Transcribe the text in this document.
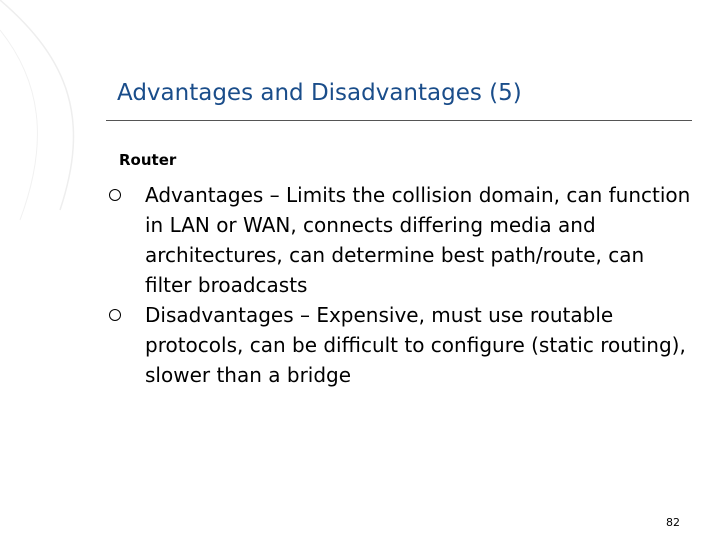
Advantages and Disadvantages (5)
Router
Advantages – Limits the collision domain, can function in LAN or WAN, connects differing media and architectures, can determine best path/route, can filter broadcasts
Disadvantages – Expensive, must use routable protocols, can be difficult to configure (static routing), slower than a bridge
82
